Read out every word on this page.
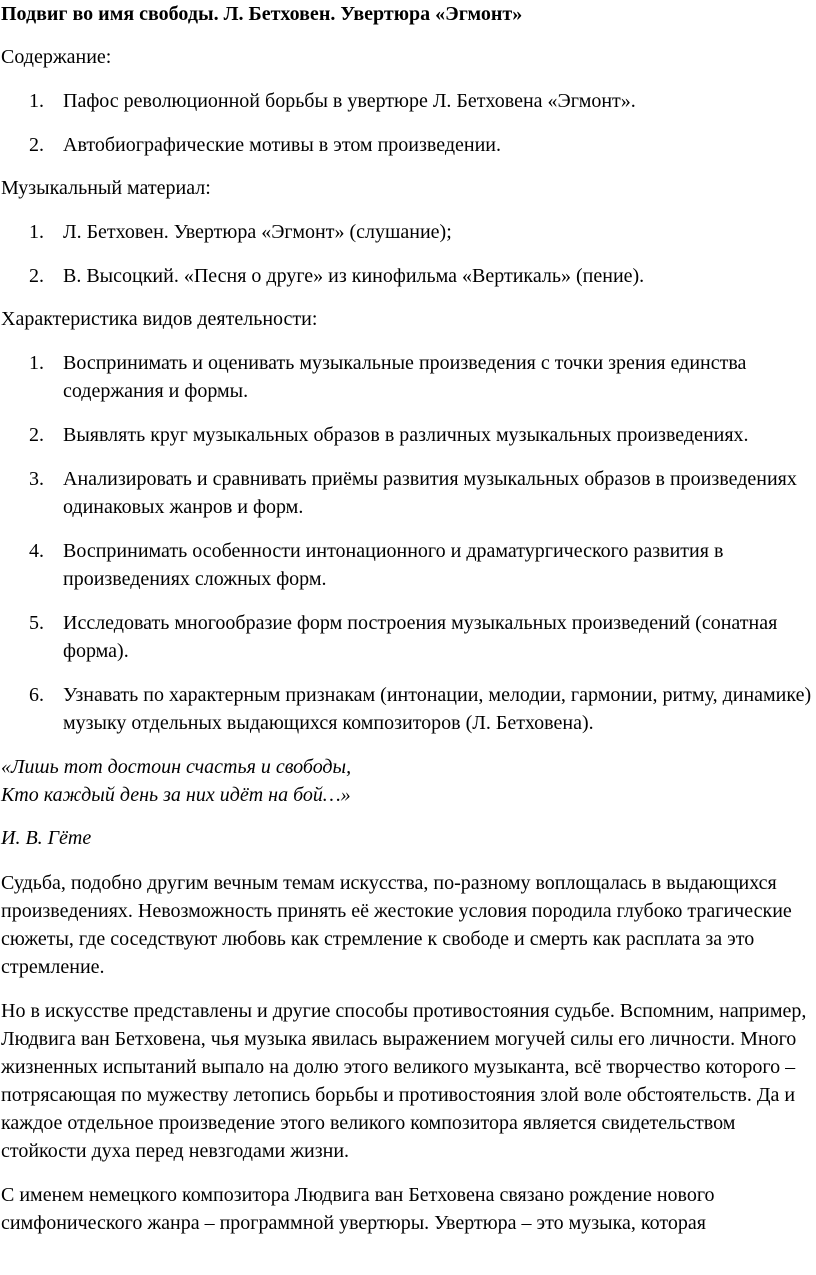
Подвиг во имя свободы. Л. Бетховен. Увертюра «Эгмонт»
Содержание:
1. Пафос революционной борьбы в увертюре Л. Бетховена «Эгмонт».
2. Автобиографические мотивы в этом произведении.
Музыкальный материал:
1. Л. Бетховен. Увертюра «Эгмонт» (слушание);
2. В. Высоцкий. «Песня о друге» из кинофильма «Вертикаль» (пение).
Характеристика видов деятельности:
1. Воспринимать и оценивать музыкальные произведения с точки зрения единства содержания и формы.
2. Выявлять круг музыкальных образов в различных музыкальных произведениях.
3. Анализировать и сравнивать приёмы развития музыкальных образов в произведениях одинаковых жанров и форм.
4. Воспринимать особенности интонационного и драматургического развития в произведениях сложных форм.
5. Исследовать многообразие форм построения музыкальных произведений (сонатная форма).
6. Узнавать по характерным признакам (интонации, мелодии, гармонии, ритму, динамике) музыку отдельных выдающихся композиторов (Л. Бетховена).
«Лишь тот достоин счастья и свободы,
Кто каждый день за них идёт на бой…»
И. В. Гёте
Судьба, подобно другим вечным темам искусства, по-разному воплощалась в выдающихся произведениях. Невозможность принять её жестокие условия породила глубоко трагические сюжеты, где соседствуют любовь как стремление к свободе и смерть как расплата за это стремление.
Но в искусстве представлены и другие способы противостояния судьбе. Вспомним, например, Людвига ван Бетховена, чья музыка явилась выражением могучей силы его личности. Много жизненных испытаний выпало на долю этого великого музыканта, всё творчество которого – потрясающая по мужеству летопись борьбы и противостояния злой воле обстоятельств. Да и каждое отдельное произведение этого великого композитора является свидетельством стойкости духа перед невзгодами жизни.
С именем немецкого композитора Людвига ван Бетховена связано рождение нового симфонического жанра – программной увертюры. Увертюра – это музыка, которая
